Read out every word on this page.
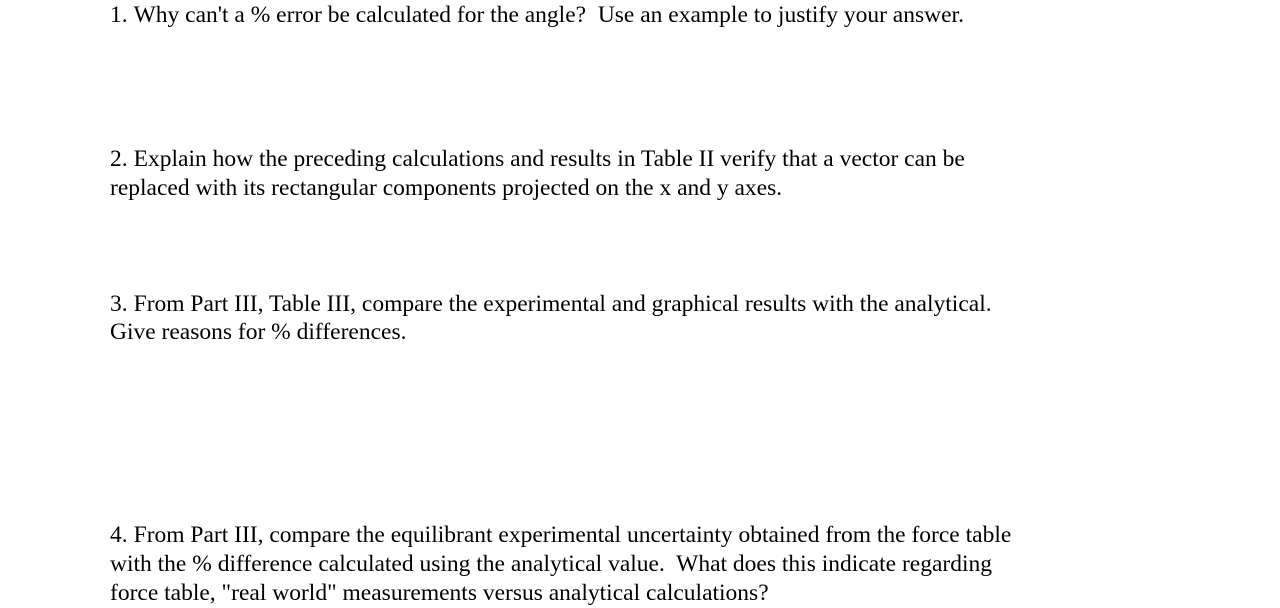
1. Why can't a % error be calculated for the angle?  Use an example to justify your answer.
2. Explain how the preceding calculations and results in Table II verify that a vector can be
replaced with its rectangular components projected on the x and y axes.
3. From Part III, Table III, compare the experimental and graphical results with the analytical.
Give reasons for % differences.
4. From Part III, compare the equilibrant experimental uncertainty obtained from the force table
with the % difference calculated using the analytical value.  What does this indicate regarding
force table, "real world" measurements versus analytical calculations?
